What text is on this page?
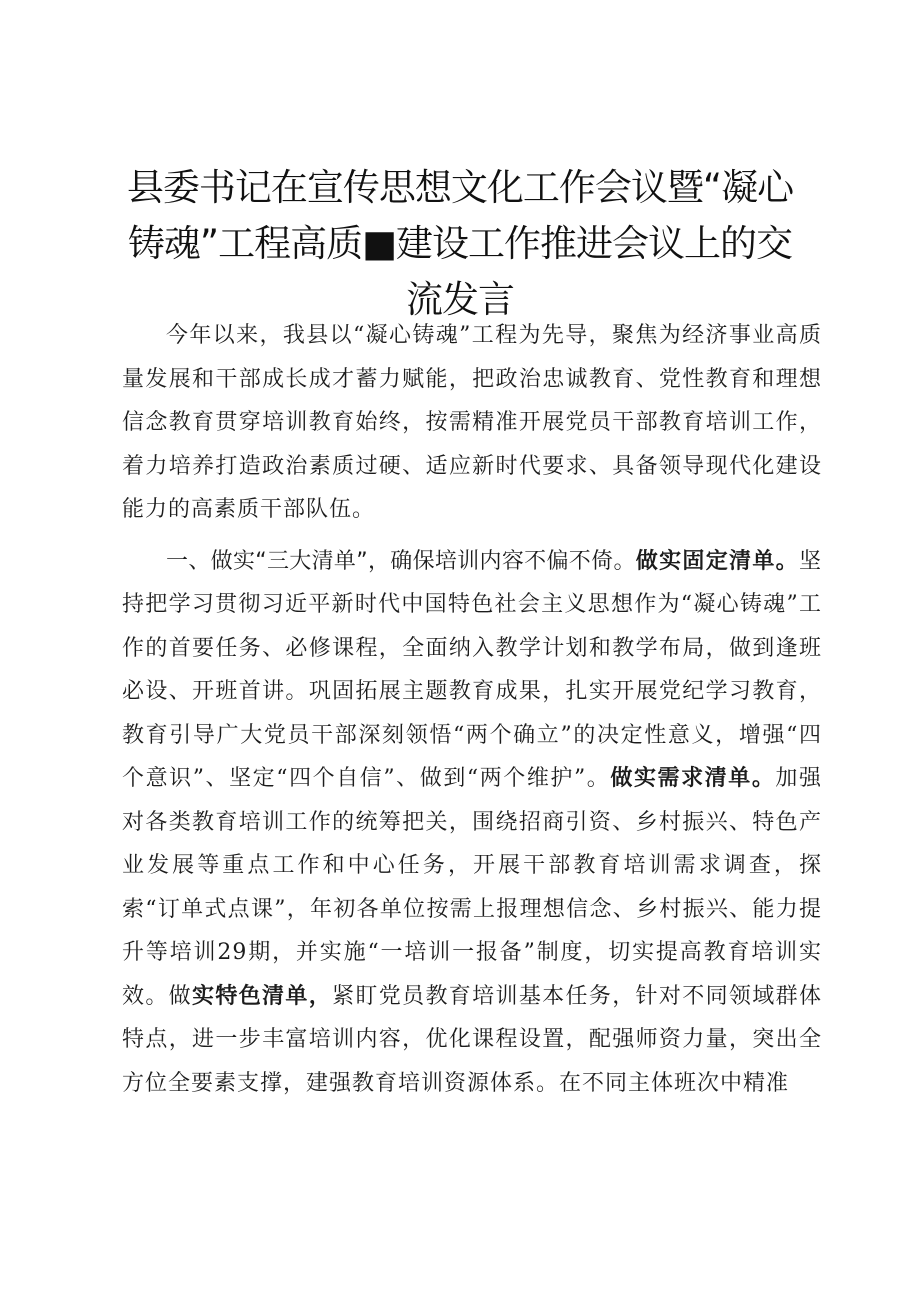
县委书记在宣传思想文化工作会议暨“凝心铸魂”工程高质■建设工作推进会议上的交流发言

今年以来，我县以“凝心铸魂”工程为先导，聚焦为经济事业高质量发展和干部成长成才蓄力赋能，把政治忠诚教育、党性教育和理想信念教育贯穿培训教育始终，按需精准开展党员干部教育培训工作，着力培养打造政治素质过硬、适应新时代要求、具备领导现代化建设能力的高素质干部队伍。

一、做实“三大清单”，确保培训内容不偏不倚。做实固定清单。坚持把学习贯彻习近平新时代中国特色社会主义思想作为“凝心铸魂”工作的首要任务、必修课程，全面纳入教学计划和教学布局，做到逢班必设、开班首讲。巩固拓展主题教育成果，扎实开展党纪学习教育，教育引导广大党员干部深刻领悟“两个确立”的决定性意义，增强“四个意识”、坚定“四个自信”、做到“两个维护”。做实需求清单。加强对各类教育培训工作的统筹把关，围绕招商引资、乡村振兴、特色产业发展等重点工作和中心任务，开展干部教育培训需求调查，探索“订单式点课”，年初各单位按需上报理想信念、乡村振兴、能力提升等培训29期，并实施“一培训一报备”制度，切实提高教育培训实效。做实特色清单，紧盯党员教育培训基本任务，针对不同领域群体特点，进一步丰富培训内容，优化课程设置，配强师资力量，突出全方位全要素支撑，建强教育培训资源体系。在不同主体班次中精准
